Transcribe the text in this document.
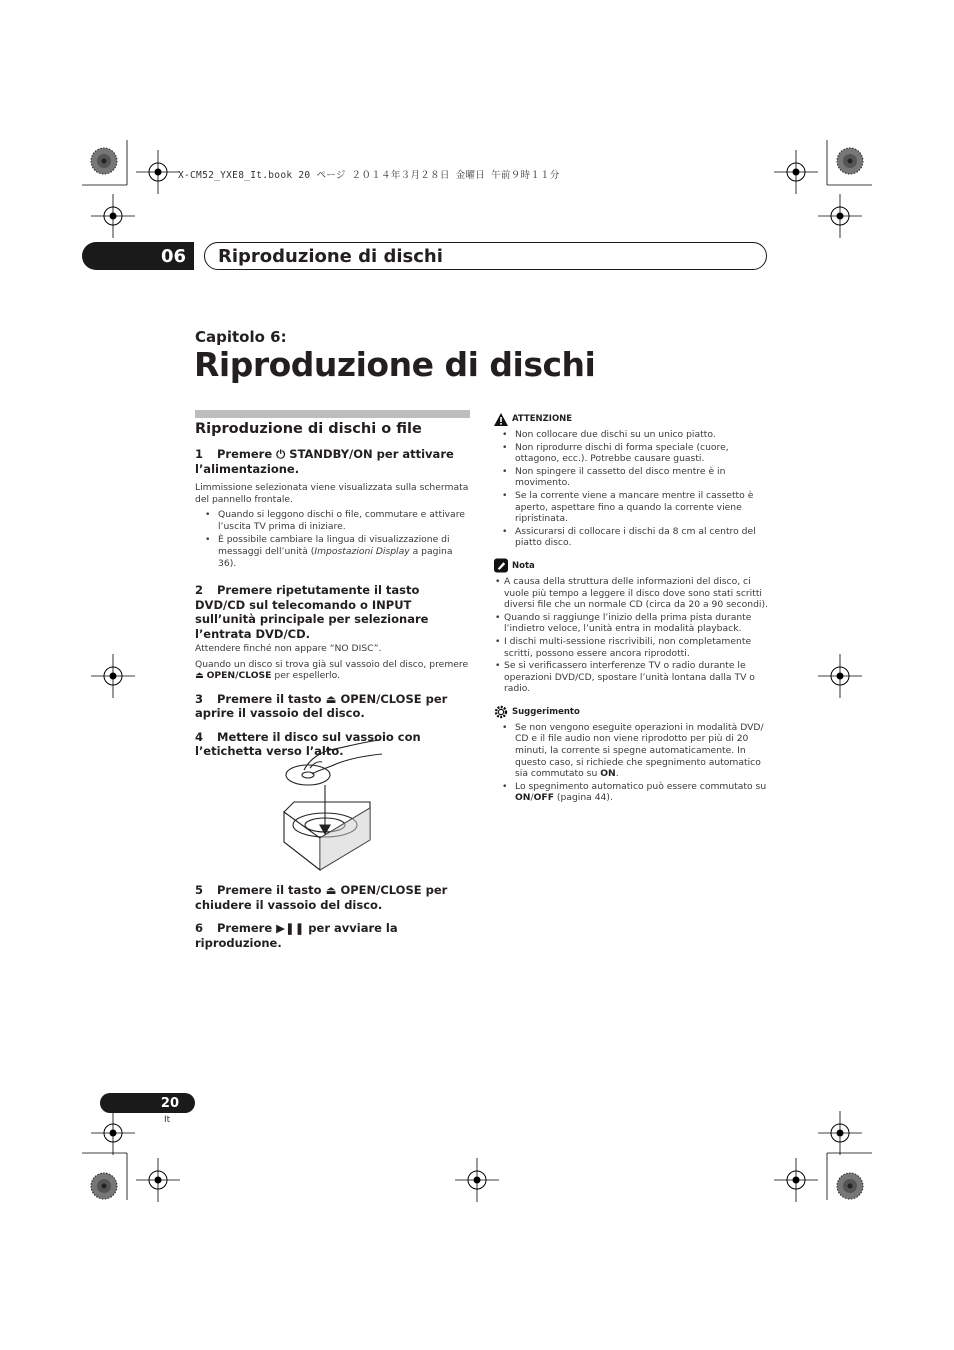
X-CM52_YXE8_It.book 20 ページ ２０１４年３月２８日 金曜日 午前９時１１分
06	Riproduzione di dischi
Capitolo 6:
Riproduzione di dischi
Riproduzione di dischi o file
1 Premere ⏻ STANDBY/ON per attivare l’alimentazione.

Limmissione selezionata viene visualizzata sulla schermata del pannello frontale.

• Quando si leggono dischi o file, commutare e attivare l’uscita TV prima di iniziare.
• È possibile cambiare la lingua di visualizzazione di messaggi dell’unità (Impostazioni Display a pagina 36).
2 Premere ripetutamente il tasto DVD/CD sul telecomando o INPUT sull’unità principale per selezionare l’entrata DVD/CD.

Attendere finché non appare “NO DISC”.

Quando un disco si trova già sul vassoio del disco, premere ⏏ OPEN/CLOSE per espellerlo.

3 Premere il tasto ⏏ OPEN/CLOSE per aprire il vassoio del disco.
4 Mettere il disco sul vassoio con l’etichetta verso l’alto.
5 Premere il tasto ⏏ OPEN/CLOSE per chiudere il vassoio del disco.
6 Premere ▶❚❚ per avviare la riproduzione.
ATTENZIONE
• Non collocare due dischi su un unico piatto.
• Non riprodurre dischi di forma speciale (cuore, ottagono, ecc.). Potrebbe causare guasti.
• Non spingere il cassetto del disco mentre è in movimento.
• Se la corrente viene a mancare mentre il cassetto è aperto, aspettare fino a quando la corrente viene ripristinata.
• Assicurarsi di collocare i dischi da 8 cm al centro del piatto disco.
Nota
• A causa della struttura delle informazioni del disco, ci vuole più tempo a leggere il disco dove sono stati scritti diversi file che un normale CD (circa da 20 a 90 secondi).
• Quando si raggiunge l’inizio della prima pista durante l’indietro veloce, l’unità entra in modalità playback.
• I dischi multi-sessione riscrivibili, non completamente scritti, possono essere ancora riprodotti.
• Se si verificassero interferenze TV o radio durante le operazioni DVD/CD, spostare l’unità lontana dalla TV o radio.
Suggerimento
• Se non vengono eseguite operazioni in modalità DVD/ CD e il file audio non viene riprodotto per più di 20 minuti, la corrente si spegne automaticamente. In questo caso, si richiede che spegnimento automatico sia commutato su ON.
• Lo spegnimento automatico può essere commutato su ON/OFF (pagina 44).
20
It
